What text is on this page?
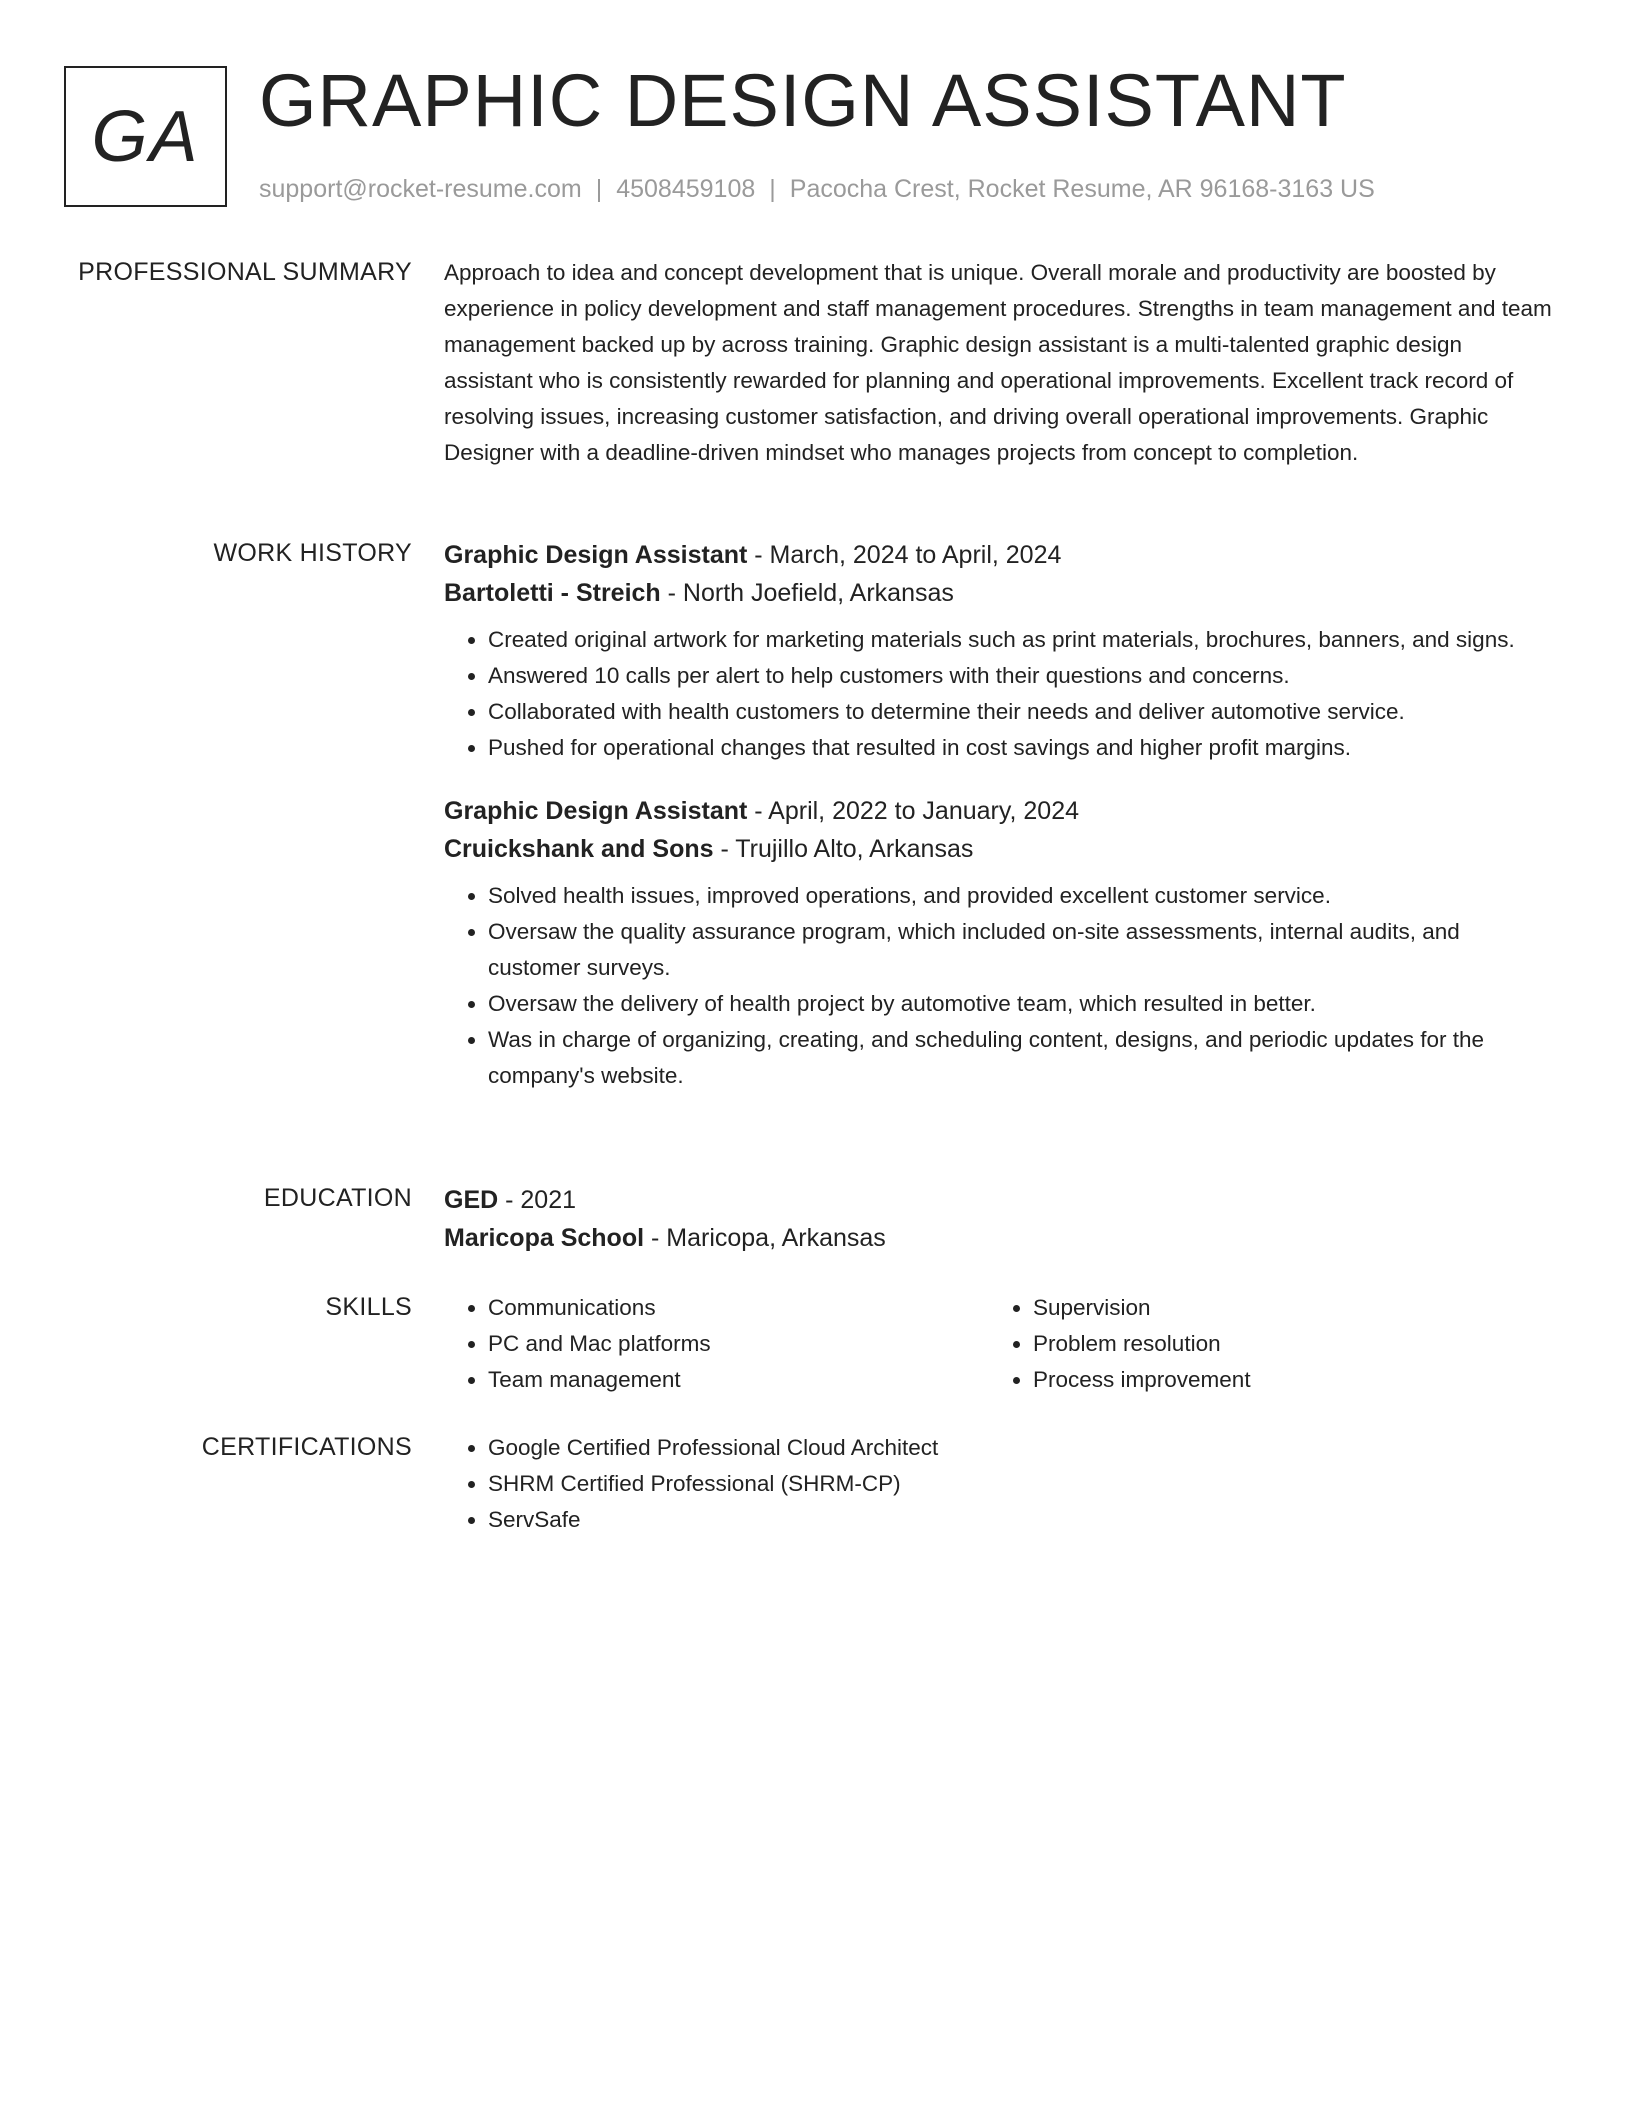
GA GRAPHIC DESIGN ASSISTANT
support@rocket-resume.com | 4508459108 | Pacocha Crest, Rocket Resume, AR 96168-3163 US
PROFESSIONAL SUMMARY Approach to idea and concept development that is unique. Overall morale and productivity are boosted by experience in policy development and staff management procedures. Strengths in team management and team management backed up by across training. Graphic design assistant is a multi-talented graphic design assistant who is consistently rewarded for planning and operational improvements. Excellent track record of resolving issues, increasing customer satisfaction, and driving overall operational improvements. Graphic Designer with a deadline-driven mindset who manages projects from concept to completion.

WORK HISTORY Graphic Design Assistant - March, 2024 to April, 2024

Bartoletti - Streich - North Joefield, Arkansas

• Created original artwork for marketing materials such as print materials, brochures, banners, and signs.
• Answered 10 calls per alert to help customers with their questions and concerns.
• Collaborated with health customers to determine their needs and deliver automotive service.
• Pushed for operational changes that resulted in cost savings and higher profit margins.

Graphic Design Assistant - April, 2022 to January, 2024

Cruickshank and Sons - Trujillo Alto, Arkansas

• Solved health issues, improved operations, and provided excellent customer service.
• Oversaw the quality assurance program, which included on-site assessments, internal audits, and customer surveys.
• Oversaw the delivery of health project by automotive team, which resulted in better.
• Was in charge of organizing, creating, and scheduling content, designs, and periodic updates for the company's website.
EDUCATION GED - 2021

Maricopa School - Maricopa, Arkansas

SKILLS	• Communications
• PC and Mac platforms
• Team management
• Supervision
• Problem resolution
• Process improvement
CERTIFICATIONS	• Google Certified Professional Cloud Architect
• SHRM Certified Professional (SHRM-CP)
• ServSafe
